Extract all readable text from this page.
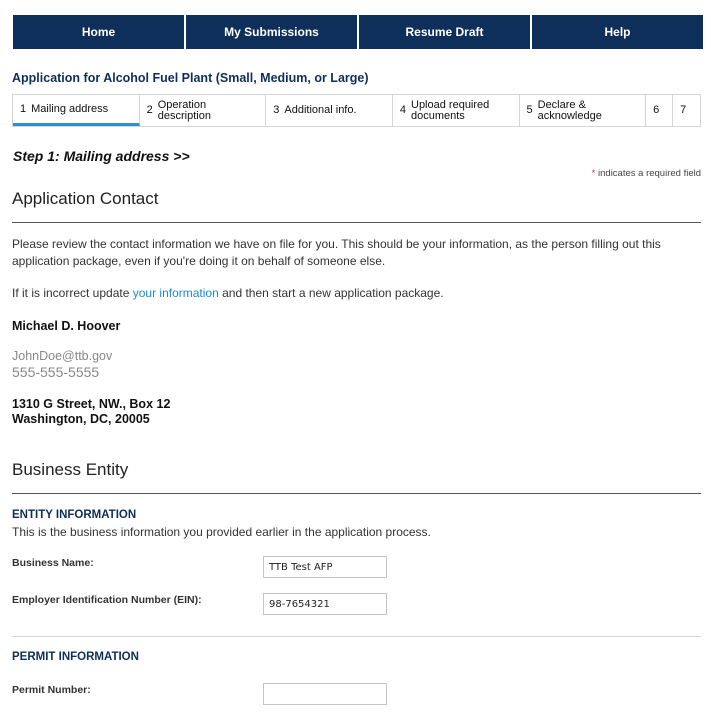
Home	My Submissions	Resume Draft	Help
Application for Alcohol Fuel Plant (Small, Medium, or Large)
1 Mailing address	2 Operation description	3 Additional info.	4 Upload required documents	5 Declare & acknowledge	6 7
Step 1: Mailing address >>
* indicates a required field
Application Contact
Please review the contact information we have on file for you. This should be your information, as the person filling out this application package, even if you're doing it on behalf of someone else.
If it is incorrect update your information and then start a new application package.
Michael D. Hoover
JohnDoe@ttb.gov
555-555-5555
1310 G Street, NW., Box 12
Washington, DC, 20005
Business Entity
ENTITY INFORMATION
This is the business information you provided earlier in the application process.
Business Name:
TTB Test AFP
Employer Identification Number (EIN):
98-7654321
PERMIT INFORMATION
Permit Number:
